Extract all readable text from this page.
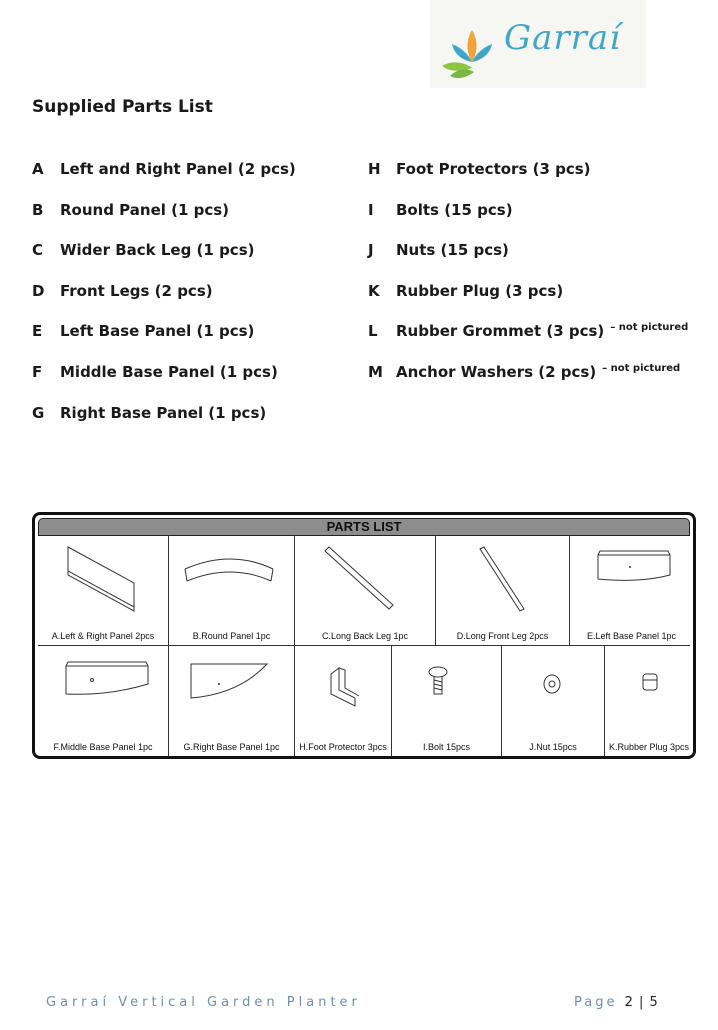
Garraí
Supplied Parts List
A	Left and Right Panel (2 pcs)
B	Round Panel (1 pcs)
C	Wider Back Leg (1 pcs)
D	Front Legs (2 pcs)
E	Left Base Panel (1 pcs)
F	Middle Base Panel (1 pcs)
G	Right Base Panel (1 pcs)
H	Foot Protectors (3 pcs)
I	Bolts (15 pcs)
J	Nuts (15 pcs)
K	Rubber Plug (3 pcs)
L	Rubber Grommet (3 pcs) – not pictured
M Anchor Washers (2 pcs) – not pictured
PARTS LIST
A.Left & Right Panel 2pcs	B.Round Panel 1pc	C.Long Back Leg 1pc	D.Long Front Leg 2pcs	E.Left Base Panel 1pc
F.Middle Base Panel 1pc	G.Right Base Panel 1pc	H.Foot Protector 3pcs	I.Bolt 15pcs	J.Nut 15pcs	K.Rubber Plug 3pcs
Garraí Vertical Garden Planter	Page 2 | 5
